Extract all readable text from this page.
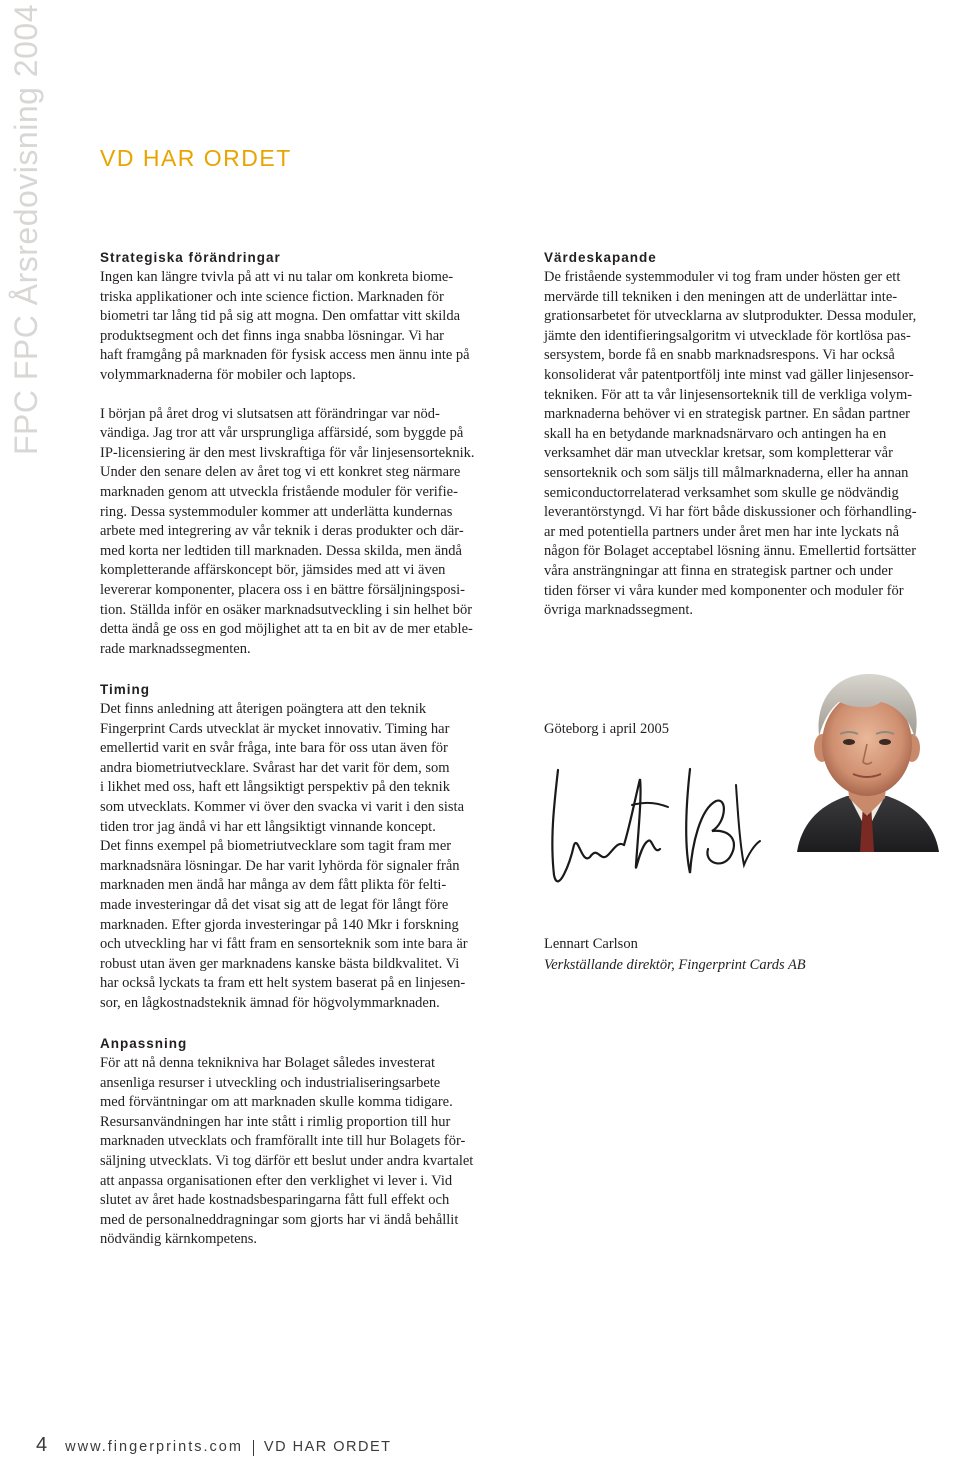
FPC FPC Årsredovisning 2004 VD HAR ORDET
Strategiska förändringar

Ingen kan längre tvivla på att vi nu talar om konkreta biome-
triska applikationer och inte science fiction. Marknaden för
biometri tar lång tid på sig att mogna. Den omfattar vitt skilda
produktsegment och det finns inga snabba lösningar. Vi har
haft framgång på marknaden för fysisk access men ännu inte på
volymmarknaderna för mobiler och laptops.

I början på året drog vi slutsatsen att förändringar var nöd-
vändiga. Jag tror att vår ursprungliga affärsidé, som byggde på
IP-licensiering är den mest livskraftiga för vår linjesensorteknik.
Under den senare delen av året tog vi ett konkret steg närmare
marknaden genom att utveckla fristående moduler för verifie-
ring. Dessa systemmoduler kommer att underlätta kundernas
arbete med integrering av vår teknik i deras produkter och där-
med korta ner ledtiden till marknaden. Dessa skilda, men ändå
kompletterande affärskoncept bör, jämsides med att vi även
levererar komponenter, placera oss i en bättre försäljningsposi-
tion. Ställda inför en osäker marknadsutveckling i sin helhet bör
detta ändå ge oss en god möjlighet att ta en bit av de mer etable-
rade marknadssegmenten.

Timing

Det finns anledning att återigen poängtera att den teknik
Fingerprint Cards utvecklat är mycket innovativ. Timing har
emellertid varit en svår fråga, inte bara för oss utan även för
andra biometriutvecklare. Svårast har det varit för dem, som
i likhet med oss, haft ett långsiktigt perspektiv på den teknik
som utvecklats. Kommer vi över den svacka vi varit i den sista
tiden tror jag ändå vi har ett långsiktigt vinnande koncept.
Det finns exempel på biometriutvecklare som tagit fram mer
marknadsnära lösningar. De har varit lyhörda för signaler från
marknaden men ändå har många av dem fått plikta för felti-
made investeringar då det visat sig att de legat för långt före
marknaden. Efter gjorda investeringar på 140 Mkr i forskning
och utveckling har vi fått fram en sensorteknik som inte bara är
robust utan även ger marknadens kanske bästa bildkvalitet. Vi
har också lyckats ta fram ett helt system baserat på en linjesen-
sor, en lågkostnadsteknik ämnad för högvolymmarknaden.

Anpassning

För att nå denna teknikniva har Bolaget således investerat
ansenliga resurser i utveckling och industrialiseringsarbete
med förväntningar om att marknaden skulle komma tidigare.
Resursanvändningen har inte stått i rimlig proportion till hur
marknaden utvecklats och framförallt inte till hur Bolagets för-
säljning utvecklats. Vi tog därför ett beslut under andra kvartalet
att anpassa organisationen efter den verklighet vi lever i. Vid
slutet av året hade kostnadsbesparingarna fått full effekt och
med de personalneddragningar som gjorts har vi ändå behållit
nödvändig kärnkompetens.

Värdeskapande

De fristående systemmoduler vi tog fram under hösten ger ett
mervärde till tekniken i den meningen att de underlättar inte-
grationsarbetet för utvecklarna av slutprodukter. Dessa moduler,
jämte den identifieringsalgoritm vi utvecklade för kortlösa pas-
sersystem, borde få en snabb marknadsrespons. Vi har också
konsoliderat vår patentportfölj inte minst vad gäller linjesensor-
tekniken. För att ta vår linjesensorteknik till de verkliga volym-
marknaderna behöver vi en strategisk partner. En sådan partner
skall ha en betydande marknadsnärvaro och antingen ha en
verksamhet där man utvecklar kretsar, som kompletterar vår
sensorteknik och som säljs till målmarknaderna, eller ha annan
semiconductorrelaterad verksamhet som skulle ge nödvändig
leverantörstyngd. Vi har fört både diskussioner och förhandling-
ar med potentiella partners under året men har inte lyckats nå
någon för Bolaget acceptabel lösning ännu. Emellertid fortsätter
våra ansträngningar att finna en strategisk partner och under
tiden förser vi våra kunder med komponenter och moduler för
övriga marknadssegment.

Göteborg i april 2005

Lennart Carlson

Verkställande direktör, Fingerprint Cards AB

4 www.fingerprints.com VD HAR ORDET
